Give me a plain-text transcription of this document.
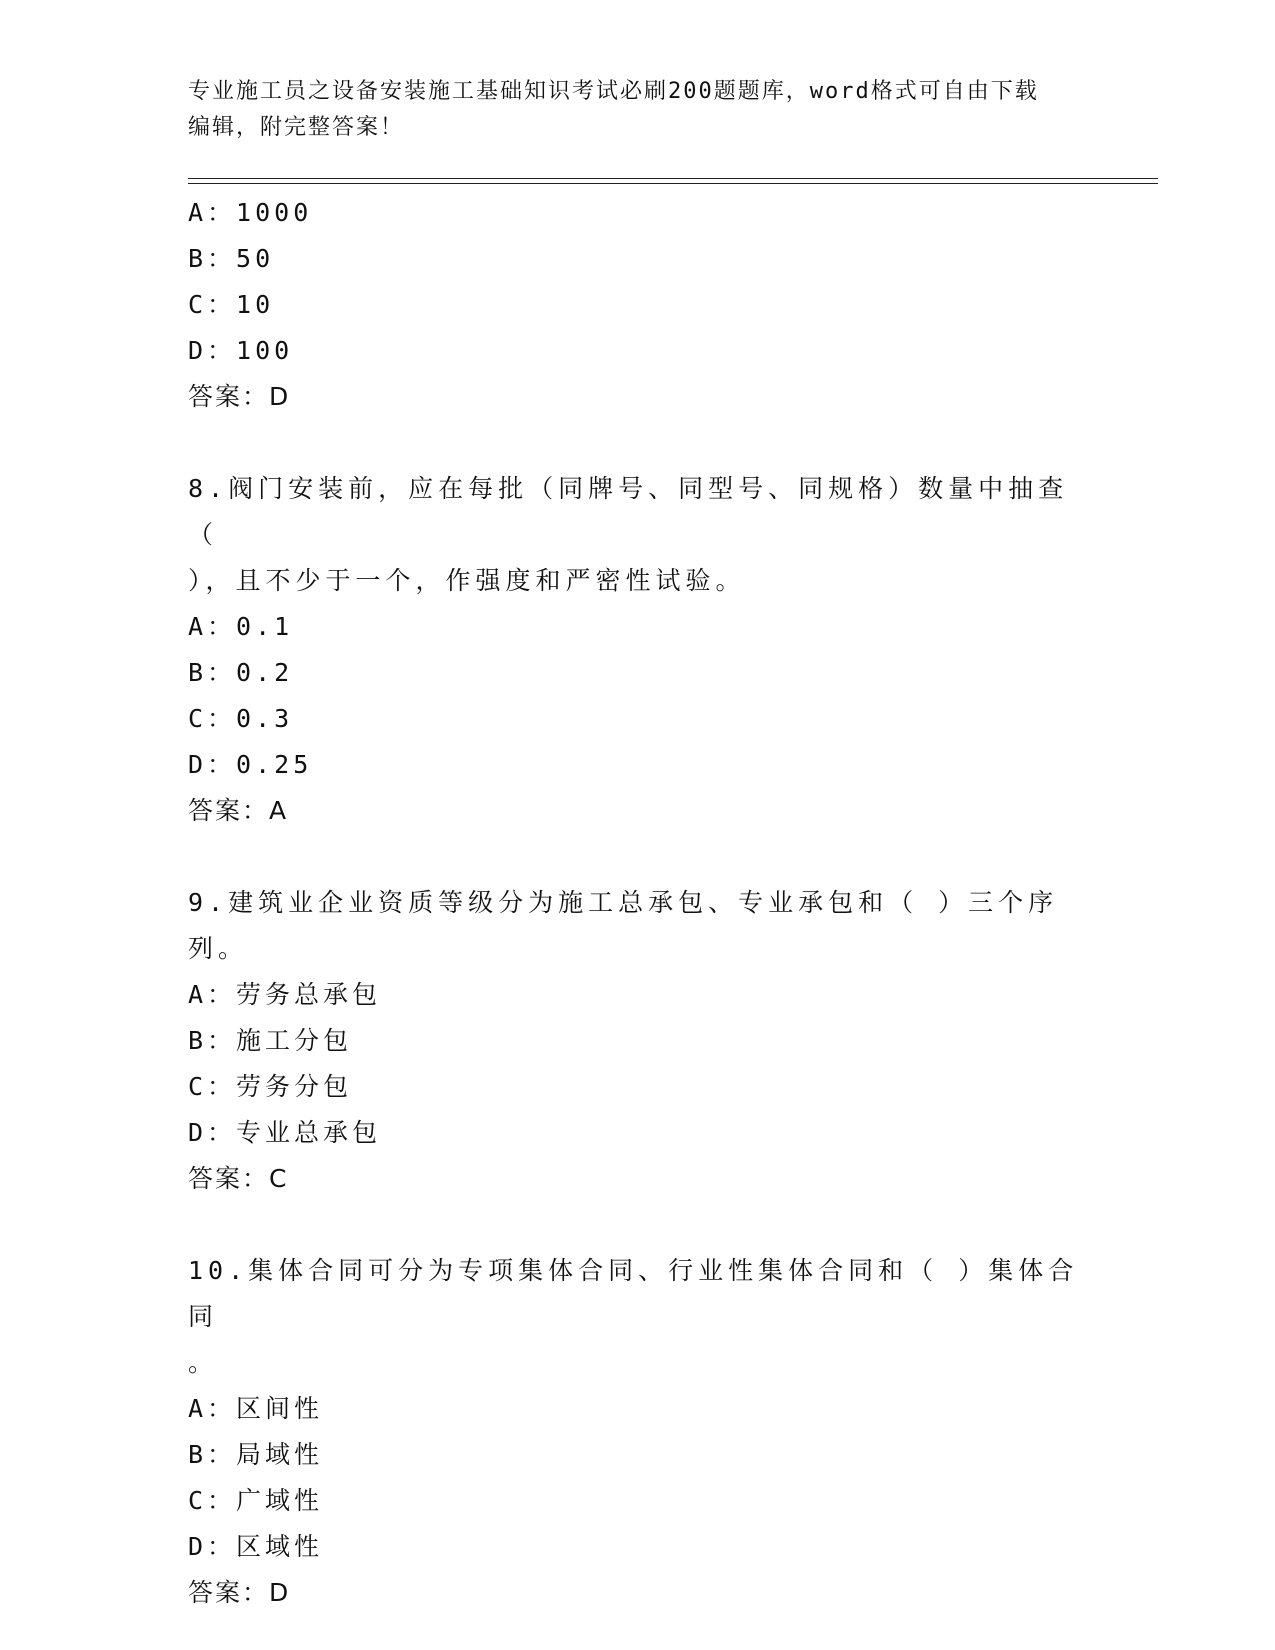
专业施工员之设备安装施工基础知识考试必刷200题题库，word格式可自由下载
编辑，附完整答案！
A：1000
B：50
C：10
D：100
答案：D
8.阀门安装前，应在每批（同牌号、同型号、同规格）数量中抽查（
），且不少于一个，作强度和严密性试验。
A：0.1
B：0.2
C：0.3
D：0.25
答案：A
9.建筑业企业资质等级分为施工总承包、专业承包和（ ）三个序列。
A：劳务总承包
B：施工分包
C：劳务分包
D：专业总承包
答案：C
10.集体合同可分为专项集体合同、行业性集体合同和（ ）集体合同
。
A：区间性
B：局域性
C：广域性
D：区域性
答案：D
